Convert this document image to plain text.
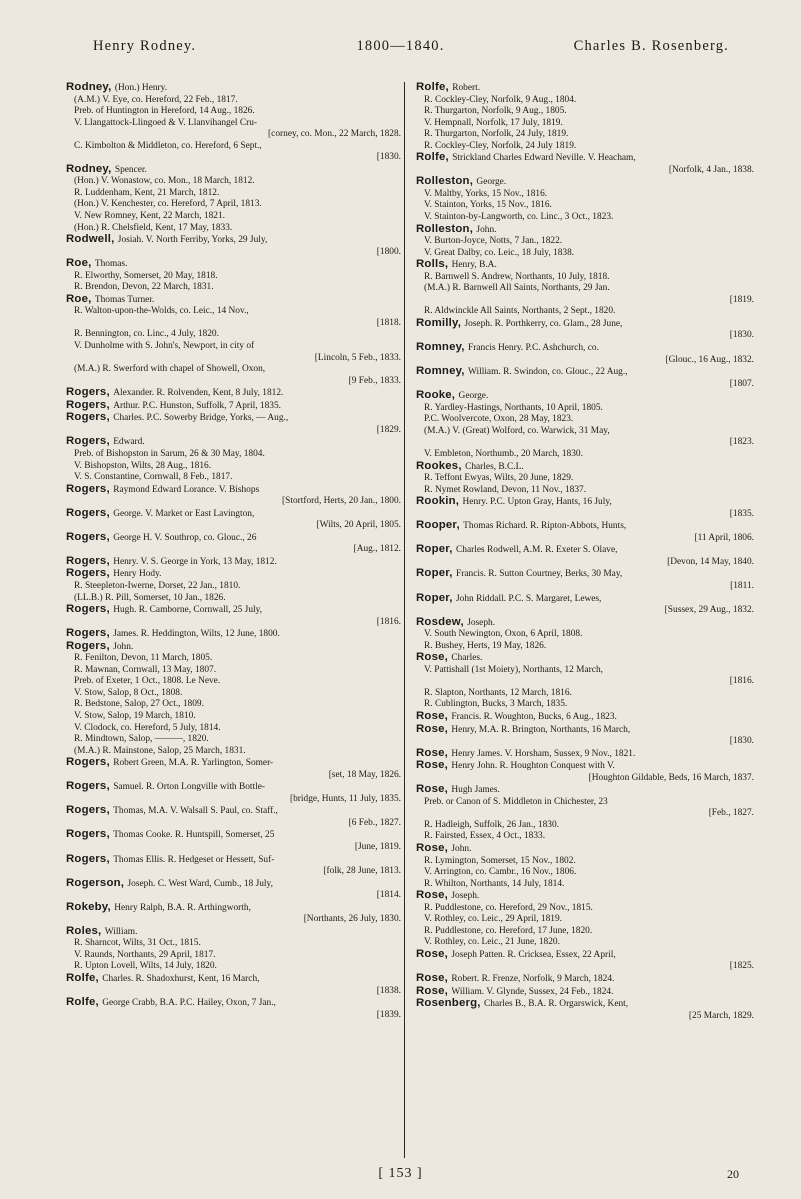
Henry Rodney.	1800—1840.	Charles B. Rosenberg.
Rodney, (Hon.) Henry.
(A.M.) V. Eye, co. Hereford, 22 Feb., 1817.
Preb. of Huntington in Hereford, 14 Aug., 1826.
V. Llangattock-Llingoed & V. Llanvihangel Cru-
[corney, co. Mon., 22 March, 1828.
C. Kimbolton & Middleton, co. Hereford, 6 Sept.,
[1830.
Rodney, Spencer.
(Hon.) V. Wonastow, co. Mon., 18 March, 1812.
R. Luddenham, Kent, 21 March, 1812.
(Hon.) V. Kenchester, co. Hereford, 7 April, 1813.
V. New Romney, Kent, 22 March, 1821.
(Hon.) R. Chelsfield, Kent, 17 May, 1833.
Rodwell, Josiah. V. North Ferriby, Yorks, 29 July,
[1800.
Roe, Thomas.
R. Elworthy, Somerset, 20 May, 1818.
R. Brendon, Devon, 22 March, 1831.
Roe, Thomas Turner.
R. Walton-upon-the-Wolds, co. Leic., 14 Nov.,
[1818.
R. Bennington, co. Linc., 4 July, 1820.
V. Dunholme with S. John's, Newport, in city of
[Lincoln, 5 Feb., 1833.
(M.A.) R. Swerford with chapel of Showell, Oxon,
[9 Feb., 1833.
Rogers, Alexander. R. Rolvenden, Kent, 8 July, 1812.
Rogers, Arthur. P.C. Hunston, Suffolk, 7 April, 1835.
Rogers, Charles. P.C. Sowerby Bridge, Yorks, — Aug.,
[1829.
Rogers, Edward.
Preb. of Bishopston in Sarum, 26 & 30 May, 1804.
V. Bishopston, Wilts, 28 Aug., 1816.
V. S. Constantine, Cornwall, 8 Feb., 1817.
Rogers, Raymond Edward Lorance. V. Bishops
[Stortford, Herts, 20 Jan., 1800.
Rogers, George. V. Market or East Lavington,
[Wilts, 20 April, 1805.
Rogers, George H. V. Southrop, co. Glouc., 26
[Aug., 1812.
Rogers, Henry. V. S. George in York, 13 May, 1812.
Rogers, Henry Hody.
R. Steepleton-Iwerne, Dorset, 22 Jan., 1810.
(LL.B.) R. Pill, Somerset, 10 Jan., 1826.
Rogers, Hugh. R. Camborne, Cornwall, 25 July,
[1816.
Rogers, James. R. Heddington, Wilts, 12 June, 1800.
Rogers, John.
R. Fenilton, Devon, 11 March, 1805.
R. Mawnan, Cornwall, 13 May, 1807.
Preb. of Exeter, 1 Oct., 1808. Le Neve.
V. Stow, Salop, 8 Oct., 1808.
R. Bedstone, Salop, 27 Oct., 1809.
V. Stow, Salop, 19 March, 1810.
V. Clodock, co. Hereford, 5 July, 1814.
R. Mindtown, Salop, ———, 1820.
(M.A.) R. Mainstone, Salop, 25 March, 1831.
Rogers, Robert Green, M.A. R. Yarlington, Somer-
[set, 18 May, 1826.
Rogers, Samuel. R. Orton Longville with Bottle-
[bridge, Hunts, 11 July, 1835.
Rogers, Thomas, M.A. V. Walsall S. Paul, co. Staff.,
[6 Feb., 1827.
Rogers, Thomas Cooke. R. Huntspill, Somerset, 25
[June, 1819.
Rogers, Thomas Ellis. R. Hedgeset or Hessett, Suf-
[folk, 28 June, 1813.
Rogerson, Joseph. C. West Ward, Cumb., 18 July,
[1814.
Rokeby, Henry Ralph, B.A. R. Arthingworth,
[Northants, 26 July, 1830.
Roles, William.
R. Sharncot, Wilts, 31 Oct., 1815.
V. Raunds, Northants, 29 April, 1817.
R. Upton Lovell, Wilts, 14 July, 1820.
Rolfe, Charles. R. Shadoxhurst, Kent, 16 March,
[1838.
Rolfe, George Crabb, B.A. P.C. Hailey, Oxon, 7 Jan.,
[1839.
Rolfe, Robert.
R. Cockley-Cley, Norfolk, 9 Aug., 1804.
R. Thurgarton, Norfolk, 9 Aug., 1805.
V. Hempnall, Norfolk, 17 July, 1819.
R. Thurgarton, Norfolk, 24 July, 1819.
R. Cockley-Cley, Norfolk, 24 July 1819.
Rolfe, Strickland Charles Edward Neville. V. Heacham,
[Norfolk, 4 Jan., 1838.
Rolleston, George.
V. Maltby, Yorks, 15 Nov., 1816.
V. Stainton, Yorks, 15 Nov., 1816.
V. Stainton-by-Langworth, co. Linc., 3 Oct., 1823.
Rolleston, John.
V. Burton-Joyce, Notts, 7 Jan., 1822.
V. Great Dalby, co. Leic., 18 July, 1838.
Rolls, Henry, B.A.
R. Barnwell S. Andrew, Northants, 10 July, 1818.
(M.A.) R. Barnwell All Saints, Northants, 29 Jan.
[1819.
R. Aldwinckle All Saints, Northants, 2 Sept., 1820.
Romilly, Joseph. R. Porthkerry, co. Glam., 28 June,
[1830.
Romney, Francis Henry. P.C. Ashchurch, co.
[Glouc., 16 Aug., 1832.
Romney, William. R. Swindon, co. Glouc., 22 Aug.,
[1807.
Rooke, George.
R. Yardley-Hastings, Northants, 10 April, 1805.
P.C. Woolvercote, Oxon, 28 May, 1823.
(M.A.) V. (Great) Wolford, co. Warwick, 31 May,
[1823.
V. Embleton, Northumb., 20 March, 1830.
Rookes, Charles, B.C.L.
R. Teffont Ewyas, Wilts, 20 June, 1829.
R. Nymet Rowland, Devon, 11 Nov., 1837.
Rookin, Henry. P.C. Upton Gray, Hants, 16 July,
[1835.
Rooper, Thomas Richard. R. Ripton-Abbots, Hunts,
[11 April, 1806.
Roper, Charles Rodwell, A.M. R. Exeter S. Olave,
[Devon, 14 May, 1840.
Roper, Francis. R. Sutton Courtney, Berks, 30 May,
[1811.
Roper, John Riddall. P.C. S. Margaret, Lewes,
[Sussex, 29 Aug., 1832.
Rosdew, Joseph.
V. South Newington, Oxon, 6 April, 1808.
R. Bushey, Herts, 19 May, 1826.
Rose, Charles.
V. Pattishall (1st Moiety), Northants, 12 March,
[1816.
R. Slapton, Northants, 12 March, 1816.
R. Cublington, Bucks, 3 March, 1835.
Rose, Francis. R. Woughton, Bucks, 6 Aug., 1823.
Rose, Henry, M.A. R. Brington, Northants, 16 March,
[1830.
Rose, Henry James. V. Horsham, Sussex, 9 Nov., 1821.
Rose, Henry John. R. Houghton Conquest with V.
[Houghton Gildable, Beds, 16 March, 1837.
Rose, Hugh James.
Preb. or Canon of S. Middleton in Chichester, 23
[Feb., 1827.
R. Hadleigh, Suffolk, 26 Jan., 1830.
R. Fairsted, Essex, 4 Oct., 1833.
Rose, John.
R. Lymington, Somerset, 15 Nov., 1802.
V. Arrington, co. Cambr., 16 Nov., 1806.
R. Whilton, Northants, 14 July, 1814.
Rose, Joseph.
R. Puddlestone, co. Hereford, 29 Nov., 1815.
V. Rothley, co. Leic., 29 April, 1819.
R. Puddlestone, co. Hereford, 17 June, 1820.
V. Rothley, co. Leic., 21 June, 1820.
Rose, Joseph Patten. R. Cricksea, Essex, 22 April,
[1825.
Rose, Robert. R. Frenze, Norfolk, 9 March, 1824.
Rose, William. V. Glynde, Sussex, 24 Feb., 1824.
Rosenberg, Charles B., B.A. R. Orgarswick, Kent,
[25 March, 1829.
[ 153 ]	20
